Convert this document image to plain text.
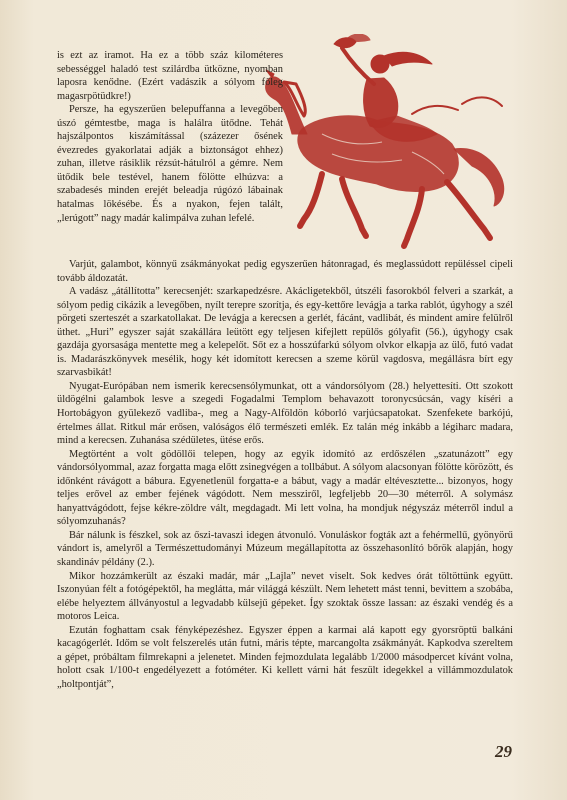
is ezt az iramot. Ha ez a több száz kilométeres sebességgel haladó test szilárdba ütközne, nyomban laposra kenődne. (Ezért vadászik a sólyom főleg magasrpötüdkre!)

Persze, ha egyszerűen belepuffanna a levegőben úszó gémtestbe, maga is halálra ütődne. Tehát hajszálpontos kiszámítással (százezer ősének évezredes gyakorlatai adják a biztonságot ehhez) zuhan, illetve rásiklik rézsút-hátulról a gémre. Nem ütődik bele testével, hanem fölötte elhúzva: a szabadesés minden erejét beleadja rúgózó lábainak hatalmas lökésébe. És a nyakon, fejen talált, „lerúgott” nagy madár kalimpálva zuhan lefelé.

Varjút, galambot, könnyű zsákmányokat pedig egyszerűen hátonragad, és meglassúdott repüléssel cipeli tovább áldozatát.

A vadász „átállította” kerecsenjét: szarkapedzésre. Akácligetekből, útszéli fasorokból felveri a szarkát, a sólyom pedig cikázik a levegőben, nyílt terepre szorítja, és egy-kettőre levágja a tarka rablót, úgyhogy a szél pörgeti szerteszét a szarkatollakat. De levágja a kerecsen a gerlét, fácánt, vadlibát, és mindent amire felülről üthet. „Huri” egyszer saját szakállára leütött egy teljesen kifejlett repülős gólyafit (56.), úgyhogy csak gazdája gyorsasága mentette meg a kelepelőt. Sőt ez a hosszúfarkú sólyom olvkor elkapja az ülő, futó vadat is. Madarászkönyvek mesélik, hogy két idomított kerecsen a szeme körül vagdosva, megállásra bírt egy szarvasbikát!

Nyugat-Európában nem ismerik kerecsensólymunkat, ott a vándorsólyom (28.) helyettesíti. Ott szokott üldögélni galambok lesve a szegedi Fogadalmi Templom behavazott toronycsúcsán, vagy kíséri a Hortobágyon gyülekező vadliba-, meg a Nagy-Alföldön kóborló varjúcsapatokat. Szenfekete barkójú, értelmes állat. Ritkul már erősen, valóságos élő természeti emlék. Ez talán még inkább a légiharc madara, mind a kerecsen. Zuhanása szédületes, ütése erős.

Megtörtént a volt gödöllői telepen, hogy az egyik idomító az erdőszélen „szatunázott” egy vándorsólyommal, azaz forgatta maga előtt zsinegvégen a tollbábut. A sólyom alacsonyan fölötte körözött, és időnként rávágott a bábura. Egyenetlenül forgatta-e a bábut, vagy a madár eltévesztette... bizonyos, hogy teljes erővel az ember fejének vágódott. Nem messziről, legfeljebb 20—30 méterről. A solymász hanyattvágódott, fejse kékre-zöldre vált, megdagadt. Mi lett volna, ha mondjuk négyszáz méterről indul a sólyomzuhanás?

Bár nálunk is fészkel, sok az őszi-tavaszi idegen átvonuló. Vonuláskor fogták azt a fehérmellű, gyönyörű vándort is, amelyről a Természettudományi Múzeum megállapította az összehasonlító bőrök alapján, hogy skandináv példány (2.).

Mikor hozzámkerült az északi madár, már „Lajla” nevet viselt. Sok kedves órát töltöttünk együtt. Iszonyúan félt a fotógépektől, ha meglátta, már világgá készült. Nem lehetett mást tenni, bevittem a szobába, elébe helyeztem állványostul a legvadabb külsejű gépeket. Így szoktak össze lassan: az északi vendég és a motoros Leica.

Ezután foghattam csak fényképezéshez. Egyszer éppen a karmai alá kapott egy gyorsröptű balkáni kacagógerlét. Időm se volt felszerelés után futni, máris tépte, marcangolta zsákmányát. Kapkodva szereltem a gépet, próbáltam filmrekapni a jelenetet. Minden fejmozdulata legalább 1/2000 másodpercet kívánt volna, holott csak 1/100-t engedélyezett a fotóméter. Ki kellett várni hát feszült idegekkel a villámmozdulatok „holtpontját”,

29
